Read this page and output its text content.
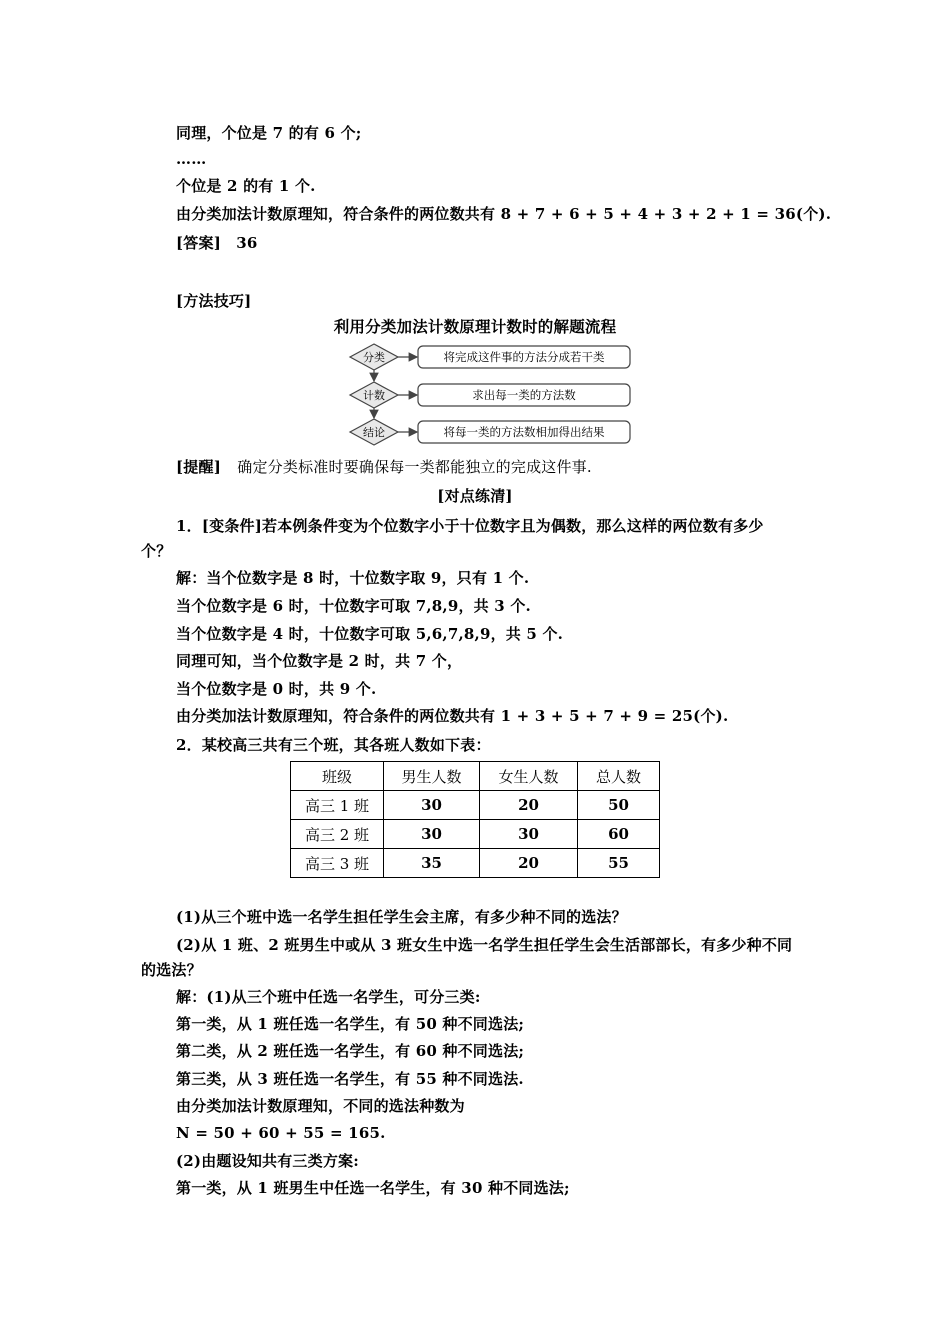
同理，个位是 7 的有 6 个;
……
个位是 2 的有 1 个.
由分类加法计数原理知，符合条件的两位数共有 8 + 7 + 6 + 5 + 4 + 3 + 2 + 1 = 36(个).
[答案]　36
[方法技巧]
利用分类加法计数原理计数时的解题流程
分类
计数
结论
将完成这件事的方法分成若干类
求出每一类的方法数
将每一类的方法数相加得出结果
[提醒] 确定分类标准时要确保每一类都能独立的完成这件事.
[对点练清]
1．[变条件]若本例条件变为个位数字小于十位数字且为偶数，那么这样的两位数有多少
个？
解：当个位数字是 8 时，十位数字取 9，只有 1 个.
当个位数字是 6 时，十位数字可取 7,8,9，共 3 个.
当个位数字是 4 时，十位数字可取 5,6,7,8,9，共 5 个.
同理可知，当个位数字是 2 时，共 7 个，
当个位数字是 0 时，共 9 个.
由分类加法计数原理知，符合条件的两位数共有 1 + 3 + 5 + 7 + 9 = 25(个).
2．某校高三共有三个班，其各班人数如下表：
班级	男生人数	女生人数	总人数
高三 1 班	30	20	50
高三 2 班	30	30	60
高三 3 班	35	20	55
(1)从三个班中选一名学生担任学生会主席，有多少种不同的选法？
(2)从 1 班、2 班男生中或从 3 班女生中选一名学生担任学生会生活部部长，有多少种不同
的选法？
解：(1)从三个班中任选一名学生，可分三类:
第一类，从 1 班任选一名学生，有 50 种不同选法;
第二类，从 2 班任选一名学生，有 60 种不同选法;
第三类，从 3 班任选一名学生，有 55 种不同选法.
由分类加法计数原理知，不同的选法种数为
N = 50 + 60 + 55 = 165.
(2)由题设知共有三类方案:
第一类，从 1 班男生中任选一名学生，有 30 种不同选法;
